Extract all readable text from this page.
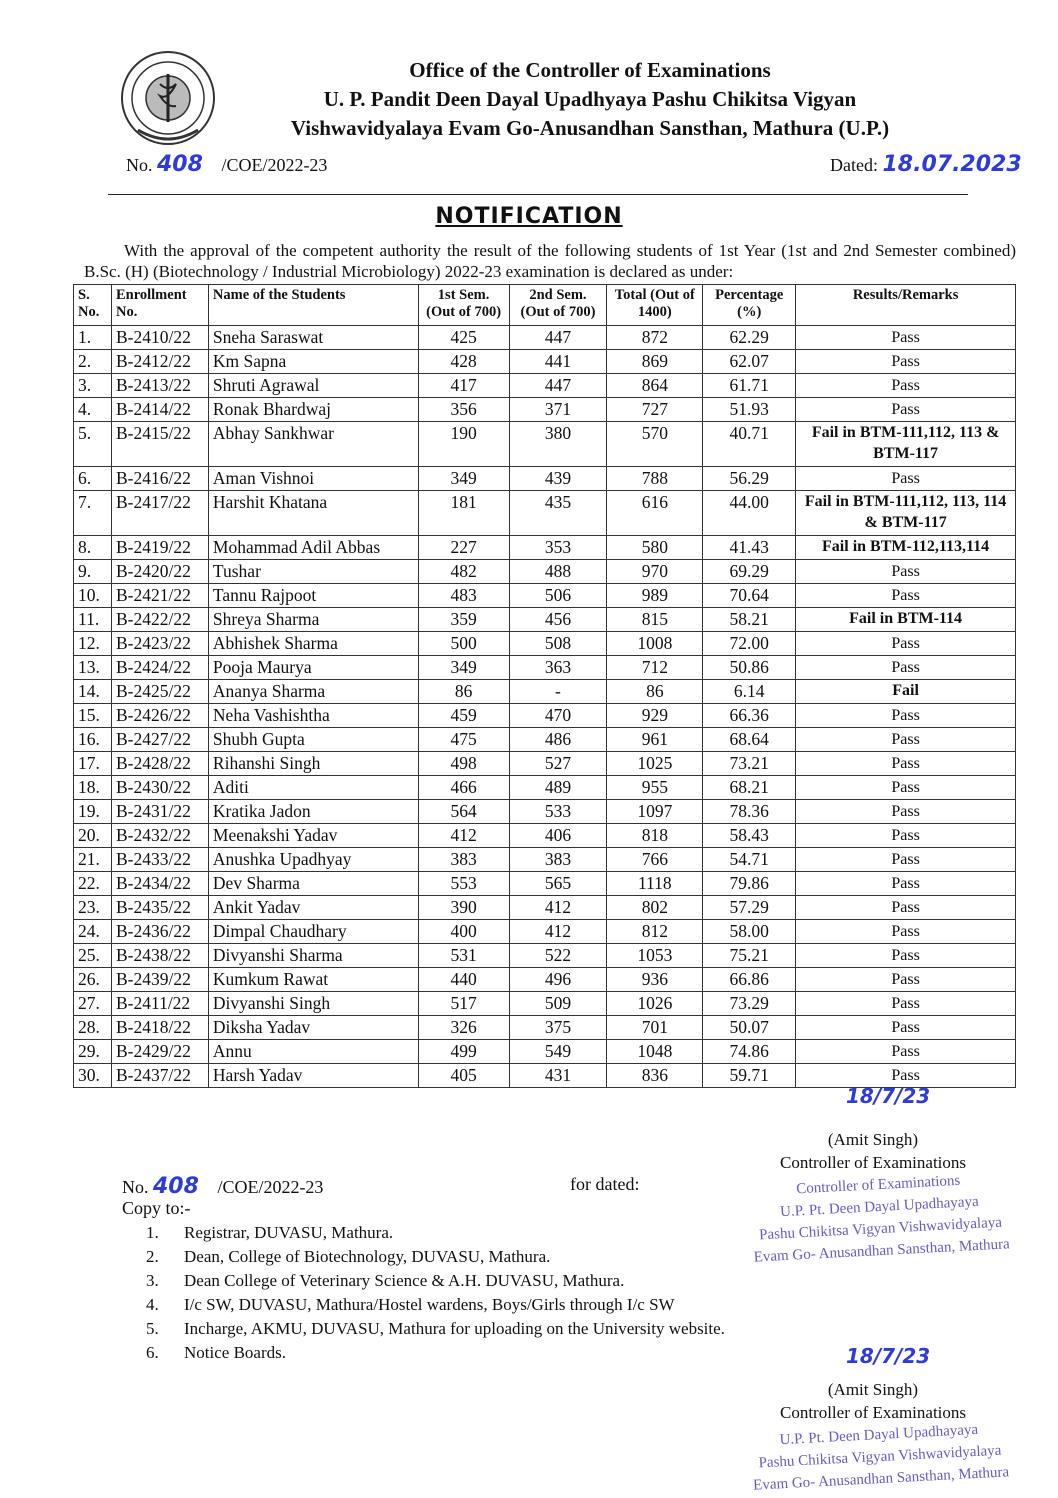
Office of the Controller of Examinations
U. P. Pandit Deen Dayal Upadhyaya Pashu Chikitsa Vigyan
Vishwavidyalaya Evam Go-Anusandhan Sansthan, Mathura (U.P.)
No. 408 /COE/2022-23	Dated: 18.07.2023
NOTIFICATION
With the approval of the competent authority the result of the following students of 1st Year (1st and 2nd Semester combined) B.Sc. (H) (Biotechnology / Industrial Microbiology) 2022-23 examination is declared as under:
S. No.	Enrollment No.	Name of the Students	1st Sem. (Out of 700)	2nd Sem. (Out of 700)	Total (Out of 1400)	Percentage (%)	Results/Remarks
1.	B-2410/22	Sneha Saraswat	425	447	872	62.29	Pass
2.	B-2412/22	Km Sapna	428	441	869	62.07	Pass
3.	B-2413/22	Shruti Agrawal	417	447	864	61.71	Pass
4.	B-2414/22	Ronak Bhardwaj	356	371	727	51.93	Pass
5.	B-2415/22	Abhay Sankhwar	190	380	570	40.71	Fail in BTM-111,112, 113 & BTM-117
6.	B-2416/22	Aman Vishnoi	349	439	788	56.29	Pass
7.	B-2417/22	Harshit Khatana	181	435	616	44.00	Fail in BTM-111,112, 113, 114 & BTM-117
8.	B-2419/22	Mohammad Adil Abbas	227	353	580	41.43	Fail in BTM-112,113,114
9.	B-2420/22	Tushar	482	488	970	69.29	Pass
10.	B-2421/22	Tannu Rajpoot	483	506	989	70.64	Pass
11.	B-2422/22	Shreya Sharma	359	456	815	58.21	Fail in BTM-114
12.	B-2423/22	Abhishek Sharma	500	508	1008	72.00	Pass
13.	B-2424/22	Pooja Maurya	349	363	712	50.86	Pass
14.	B-2425/22	Ananya Sharma	86	-	86	6.14	Fail
15.	B-2426/22	Neha Vashishtha	459	470	929	66.36	Pass
16.	B-2427/22	Shubh Gupta	475	486	961	68.64	Pass
17.	B-2428/22	Rihanshi Singh	498	527	1025	73.21	Pass
18.	B-2430/22	Aditi	466	489	955	68.21	Pass
19.	B-2431/22	Kratika Jadon	564	533	1097	78.36	Pass
20.	B-2432/22	Meenakshi Yadav	412	406	818	58.43	Pass
21.	B-2433/22	Anushka Upadhyay	383	383	766	54.71	Pass
22.	B-2434/22	Dev Sharma	553	565	1118	79.86	Pass
23.	B-2435/22	Ankit Yadav	390	412	802	57.29	Pass
24.	B-2436/22	Dimpal Chaudhary	400	412	812	58.00	Pass
25.	B-2438/22	Divyanshi Sharma	531	522	1053	75.21	Pass
26.	B-2439/22	Kumkum Rawat	440	496	936	66.86	Pass
27.	B-2411/22	Divyanshi Singh	517	509	1026	73.29	Pass
28.	B-2418/22	Diksha Yadav	326	375	701	50.07	Pass
29.	B-2429/22	Annu	499	549	1048	74.86	Pass
30.	B-2437/22	Harsh Yadav	405	431	836	59.71	Pass
18/7/23
(Amit Singh)
Controller of Examinations
Controller of Examinations
U.P. Pt. Deen Dayal Upadhayaya
Pashu Chikitsa Vigyan Vishwavidyalaya
Evam Go- Anusandhan Sansthan, Mathura
No. 408 /COE/2022-23	for dated:
Copy to:-
1. Registrar, DUVASU, Mathura.
2. Dean, College of Biotechnology, DUVASU, Mathura.
3. Dean College of Veterinary Science & A.H. DUVASU, Mathura.
4. I/c SW, DUVASU, Mathura/Hostel wardens, Boys/Girls through I/c SW
5. Incharge, AKMU, DUVASU, Mathura for uploading on the University website.
6. Notice Boards.	18/7/23
(Amit Singh)
Controller of Examinations
U.P. Pt. Deen Dayal Upadhayaya
Pashu Chikitsa Vigyan Vishwavidyalaya
Evam Go- Anusandhan Sansthan, Mathura
